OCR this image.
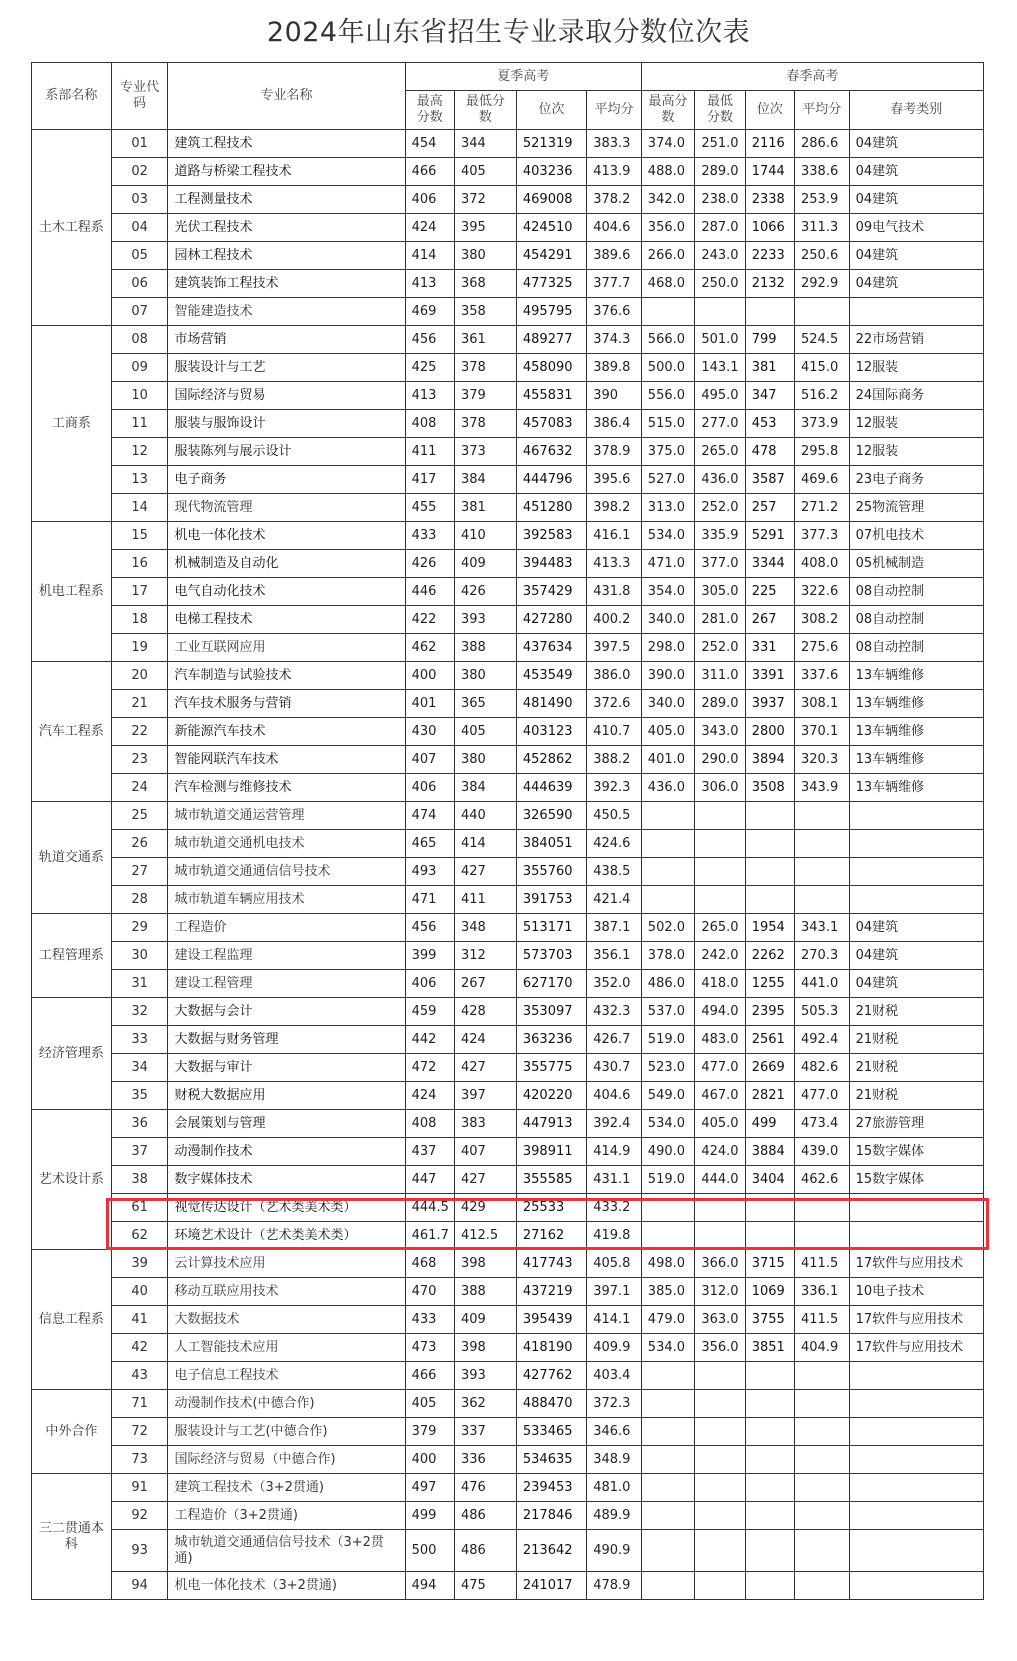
2024年山东省招生专业录取分数位次表
系部名称	专业代码	专业名称	夏季高考				春季高考				
			最高分数	最低分数	位次	平均分	最高分数	最低分数	位次	平均分	春考类别
土木工程系	01	建筑工程技术	454	344	521319	383.3	374.0	251.0	2116	286.6	04建筑
	02	道路与桥梁工程技术	466	405	403236	413.9	488.0	289.0	1744	338.6	04建筑
	03	工程测量技术	406	372	469008	378.2	342.0	238.0	2338	253.9	04建筑
	04	光伏工程技术	424	395	424510	404.6	356.0	287.0	1066	311.3	09电气技术
	05	园林工程技术	414	380	454291	389.6	266.0	243.0	2233	250.6	04建筑
	06	建筑装饰工程技术	413	368	477325	377.7	468.0	250.0	2132	292.9	04建筑
	07	智能建造技术	469	358	495795	376.6					
工商系	08	市场营销	456	361	489277	374.3	566.0	501.0	799	524.5	22市场营销
	09	服装设计与工艺	425	378	458090	389.8	500.0	143.1	381	415.0	12服装
	10	国际经济与贸易	413	379	455831	390	556.0	495.0	347	516.2	24国际商务
	11	服装与服饰设计	408	378	457083	386.4	515.0	277.0	453	373.9	12服装
	12	服装陈列与展示设计	411	373	467632	378.9	375.0	265.0	478	295.8	12服装
	13	电子商务	417	384	444796	395.6	527.0	436.0	3587	469.6	23电子商务
	14	现代物流管理	455	381	451280	398.2	313.0	252.0	257	271.2	25物流管理
机电工程系	15	机电一体化技术	433	410	392583	416.1	534.0	335.9	5291	377.3	07机电技术
	16	机械制造及自动化	426	409	394483	413.3	471.0	377.0	3344	408.0	05机械制造
	17	电气自动化技术	446	426	357429	431.8	354.0	305.0	225	322.6	08自动控制
	18	电梯工程技术	422	393	427280	400.2	340.0	281.0	267	308.2	08自动控制
	19	工业互联网应用	462	388	437634	397.5	298.0	252.0	331	275.6	08自动控制
汽车工程系	20	汽车制造与试验技术	400	380	453549	386.0	390.0	311.0	3391	337.6	13车辆维修
	21	汽车技术服务与营销	401	365	481490	372.6	340.0	289.0	3937	308.1	13车辆维修
	22	新能源汽车技术	430	405	403123	410.7	405.0	343.0	2800	370.1	13车辆维修
	23	智能网联汽车技术	407	380	452862	388.2	401.0	290.0	3894	320.3	13车辆维修
	24	汽车检测与维修技术	406	384	444639	392.3	436.0	306.0	3508	343.9	13车辆维修
轨道交通系	25	城市轨道交通运营管理	474	440	326590	450.5					
	26	城市轨道交通机电技术	465	414	384051	424.6					
	27	城市轨道交通通信信号技术	493	427	355760	438.5					
	28	城市轨道车辆应用技术	471	411	391753	421.4					
工程管理系	29	工程造价	456	348	513171	387.1	502.0	265.0	1954	343.1	04建筑
	30	建设工程监理	399	312	573703	356.1	378.0	242.0	2262	270.3	04建筑
	31	建设工程管理	406	267	627170	352.0	486.0	418.0	1255	441.0	04建筑
经济管理系	32	大数据与会计	459	428	353097	432.3	537.0	494.0	2395	505.3	21财税
	33	大数据与财务管理	442	424	363236	426.7	519.0	483.0	2561	492.4	21财税
	34	大数据与审计	472	427	355775	430.7	523.0	477.0	2669	482.6	21财税
	35	财税大数据应用	424	397	420220	404.6	549.0	467.0	2821	477.0	21财税
艺术设计系	36	会展策划与管理	408	383	447913	392.4	534.0	405.0	499	473.4	27旅游管理
	37	动漫制作技术	437	407	398911	414.9	490.0	424.0	3884	439.0	15数字媒体
	38	数字媒体技术	447	427	355585	431.1	519.0	444.0	3404	462.6	15数字媒体
	61	视觉传达设计（艺术类美术类）	444.5	429	25533	433.2					
	62	环境艺术设计（艺术类美术类）	461.7	412.5	27162	419.8					
信息工程系	39	云计算技术应用	468	398	417743	405.8	498.0	366.0	3715	411.5	17软件与应用技术
	40	移动互联应用技术	470	388	437219	397.1	385.0	312.0	1069	336.1	10电子技术
	41	大数据技术	433	409	395439	414.1	479.0	363.0	3755	411.5	17软件与应用技术
	42	人工智能技术应用	473	398	418190	409.9	534.0	356.0	3851	404.9	17软件与应用技术
	43	电子信息工程技术	466	393	427762	403.4					
中外合作	71	动漫制作技术(中德合作)	405	362	488470	372.3					
	72	服装设计与工艺(中德合作)	379	337	533465	346.6					
	73	国际经济与贸易（中德合作)	400	336	534635	348.9					
三二贯通本科	91	建筑工程技术（3+2贯通)	497	476	239453	481.0					
	92	工程造价（3+2贯通)	499	486	217846	489.9					
	93	城市轨道交通通信信号技术（3+2贯通)	500	486	213642	490.9					
	94	机电一体化技术（3+2贯通)	494	475	241017	478.9					
